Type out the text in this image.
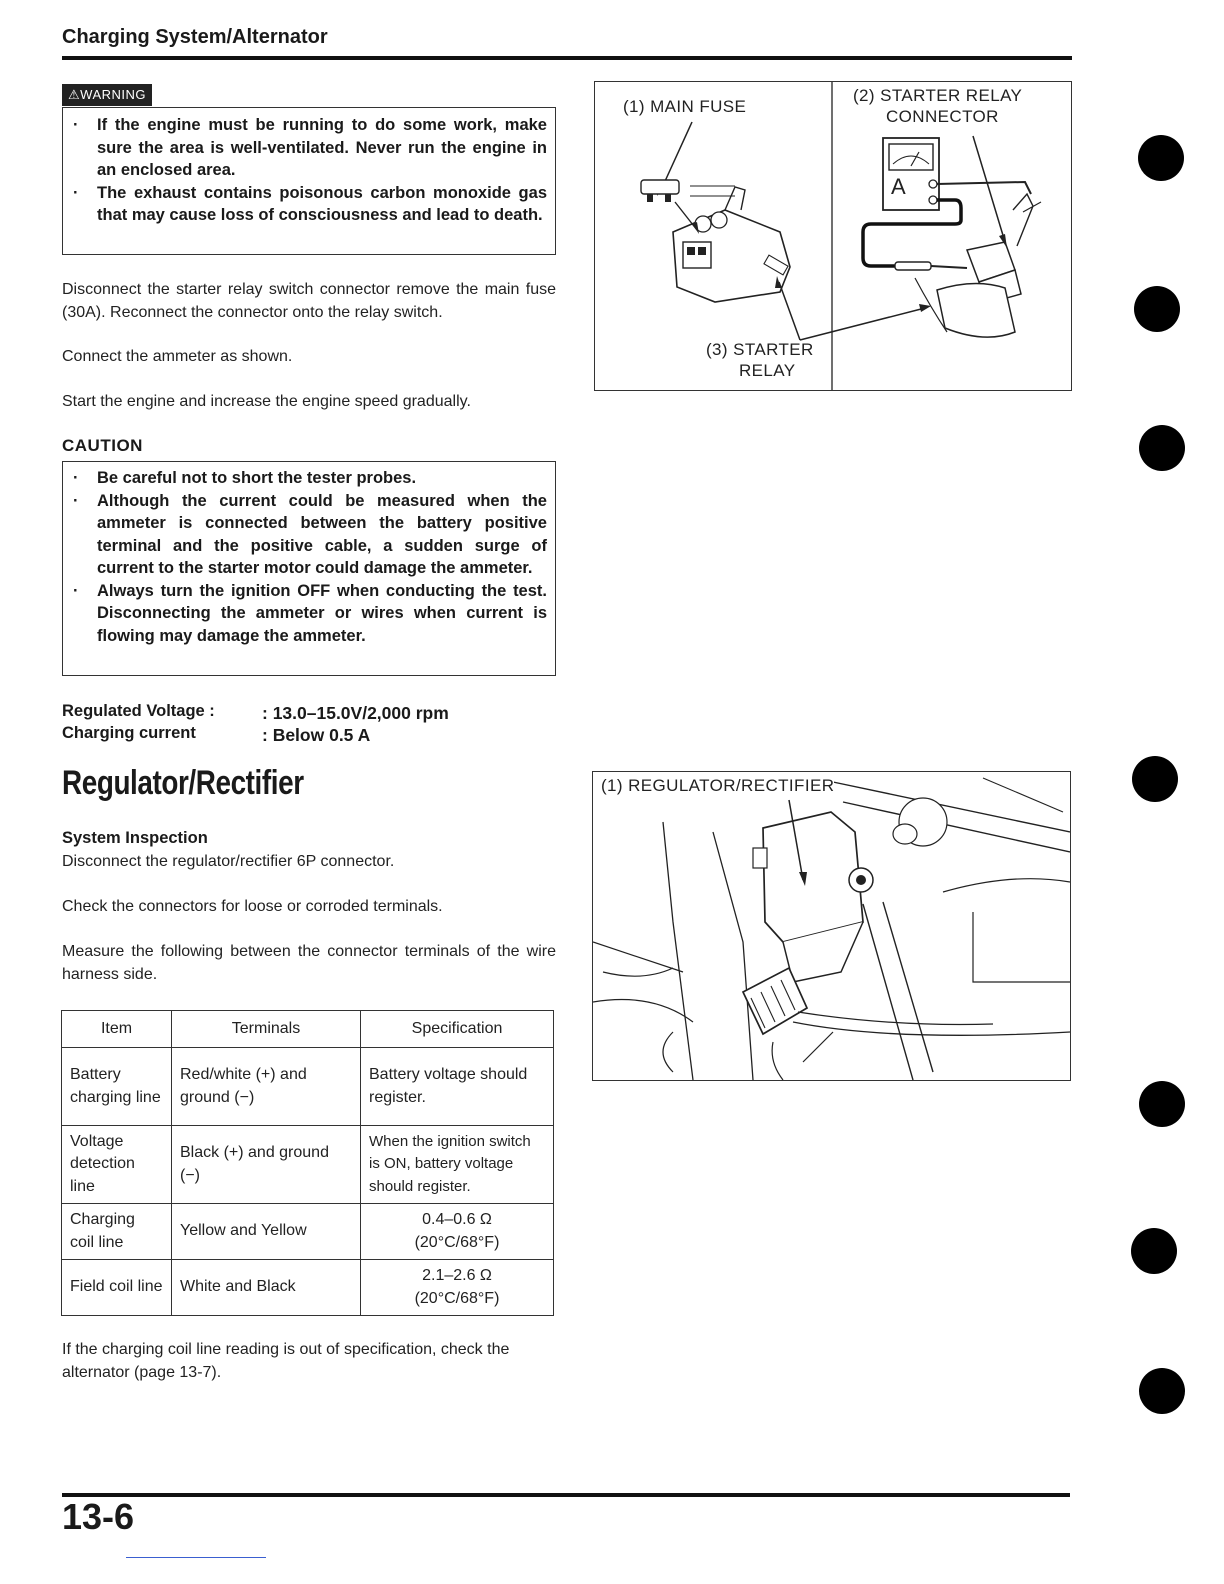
Charging System/Alternator
⚠WARNING
· If the engine must be running to do some work, make sure the area is well-ventilated. Never run the engine in an enclosed area.
· The exhaust contains poisonous carbon monoxide gas that may cause loss of consciousness and lead to death.
Disconnect the starter relay switch connector remove the main fuse (30A). Reconnect the connector onto the relay switch.
Connect the ammeter as shown.
Start the engine and increase the engine speed gradually.
CAUTION
· Be careful not to short the tester probes.
· Although the current could be measured when the ammeter is connected between the battery positive terminal and the positive cable, a sudden surge of current to the starter motor could damage the ammeter.
· Always turn the ignition OFF when conducting the test. Disconnecting the ammeter or wires when current is flowing may damage the ammeter.
Regulated Voltage :	: 13.0–15.0V/2,000 rpm
Charging current	: Below 0.5 A
Regulator/Rectifier
System Inspection
Disconnect the regulator/rectifier 6P connector.
Check the connectors for loose or corroded terminals.
Measure the following between the connector terminals of the wire harness side.
Item	Terminals	Specification
Battery charging line	Red/white (+) and ground (−)	Battery voltage should register.
Voltage detection line	Black (+) and ground (−)	When the ignition switch is ON, battery voltage should register.
Charging coil line	Yellow and Yellow	0.4–0.6 Ω
(20°C/68°F)

Field coil line	White and Black	2.1–2.6 Ω
(20°C/68°F)
If the charging coil line reading is out of specification, check the alternator (page 13-7).
(1) MAIN FUSE
(2) STARTER RELAY
CONNECTOR
(3) STARTER
RELAY
A
(1) REGULATOR/RECTIFIER
13-6
